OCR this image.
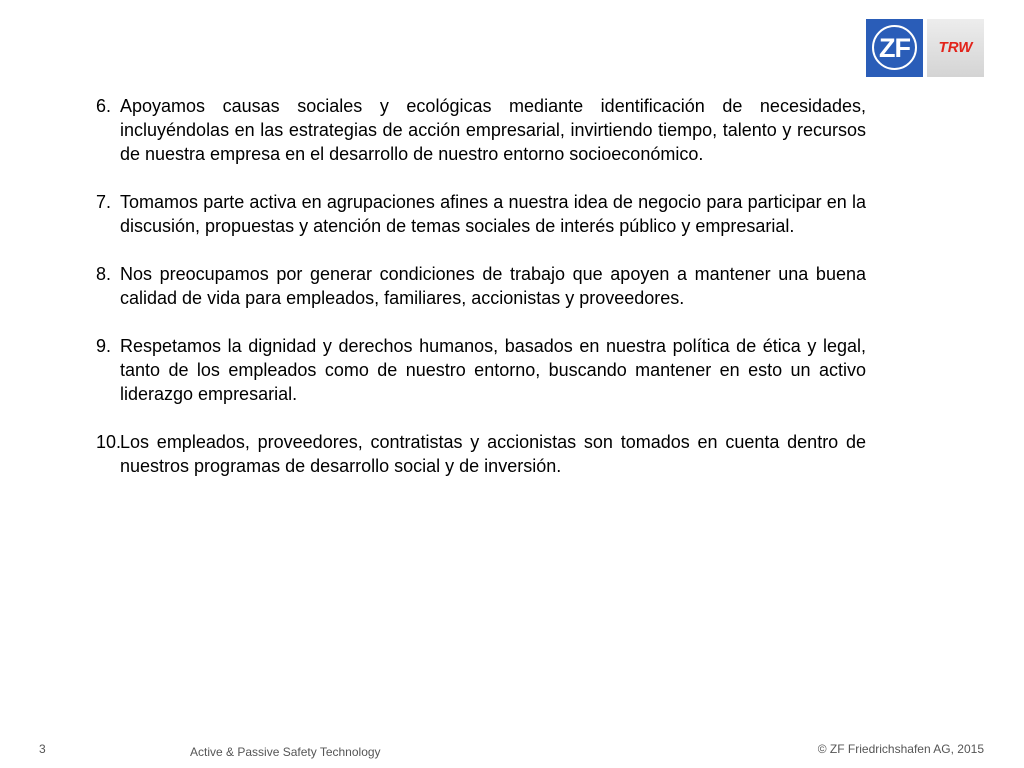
ZF	TRW
6. Apoyamos causas sociales y ecológicas mediante identificación de necesidades, incluyéndolas en las estrategias de acción empresarial, invirtiendo tiempo, talento y recursos de nuestra empresa en el desarrollo de nuestro entorno socioeconómico.
7. Tomamos parte activa en agrupaciones afines a nuestra idea de negocio para participar en la discusión, propuestas y atención de temas sociales de interés público y empresarial.
8. Nos preocupamos por generar condiciones de trabajo que apoyen a mantener una buena calidad de vida para empleados, familiares, accionistas y proveedores.
9. Respetamos la dignidad y derechos humanos, basados en nuestra política de ética y legal, tanto de los empleados como de nuestro entorno, buscando mantener en esto un activo liderazgo empresarial.
10.
Los empleados, proveedores, contratistas y accionistas son tomados en cuenta dentro de nuestros programas de desarrollo social y de inversión.
3	Active & Passive Safety Technology	© ZF Friedrichshafen AG, 2015
